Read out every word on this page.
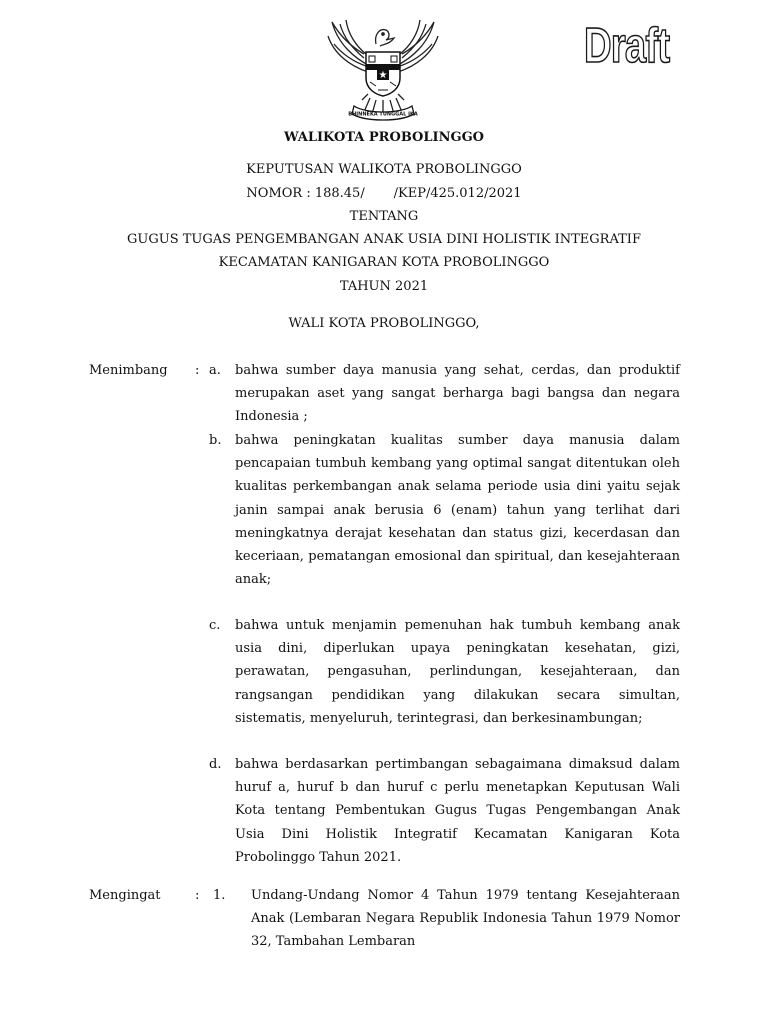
★
BHINNEKA TUNGGAL IKA
Draft
WALIKOTA PROBOLINGGO
KEPUTUSAN WALIKOTA PROBOLINGGO
NOMOR : 188.45/       /KEP/425.012/2021
TENTANG
GUGUS TUGAS PENGEMBANGAN ANAK USIA DINI HOLISTIK INTEGRATIF
KECAMATAN KANIGARAN KOTA PROBOLINGGO
TAHUN 2021
WALI KOTA PROBOLINGGO,
Menimbang : a. bahwa sumber daya manusia yang sehat, cerdas, dan produktif merupakan aset yang sangat berharga bagi bangsa dan negara Indonesia ;
b. bahwa peningkatan kualitas sumber daya manusia dalam pencapaian tumbuh kembang yang optimal sangat ditentukan oleh kualitas perkembangan anak selama periode usia dini yaitu sejak janin sampai anak berusia 6 (enam) tahun yang terlihat dari meningkatnya derajat kesehatan dan status gizi, kecerdasan dan keceriaan, pematangan emosional dan spiritual, dan kesejahteraan anak;
c. bahwa untuk menjamin pemenuhan hak tumbuh kembang anak usia dini, diperlukan upaya peningkatan kesehatan, gizi, perawatan, pengasuhan, perlindungan, kesejahteraan, dan rangsangan pendidikan yang dilakukan secara simultan, sistematis, menyeluruh, terintegrasi, dan berkesinambungan;
d. bahwa berdasarkan pertimbangan sebagaimana dimaksud dalam huruf a, huruf b dan huruf c perlu menetapkan Keputusan Wali Kota tentang Pembentukan Gugus Tugas Pengembangan Anak Usia Dini Holistik Integratif Kecamatan Kanigaran Kota Probolinggo Tahun 2021.
Mengingat	: 1. Undang-Undang Nomor 4 Tahun 1979 tentang Kesejahteraan Anak (Lembaran Negara Republik Indonesia Tahun 1979 Nomor 32, Tambahan Lembaran
